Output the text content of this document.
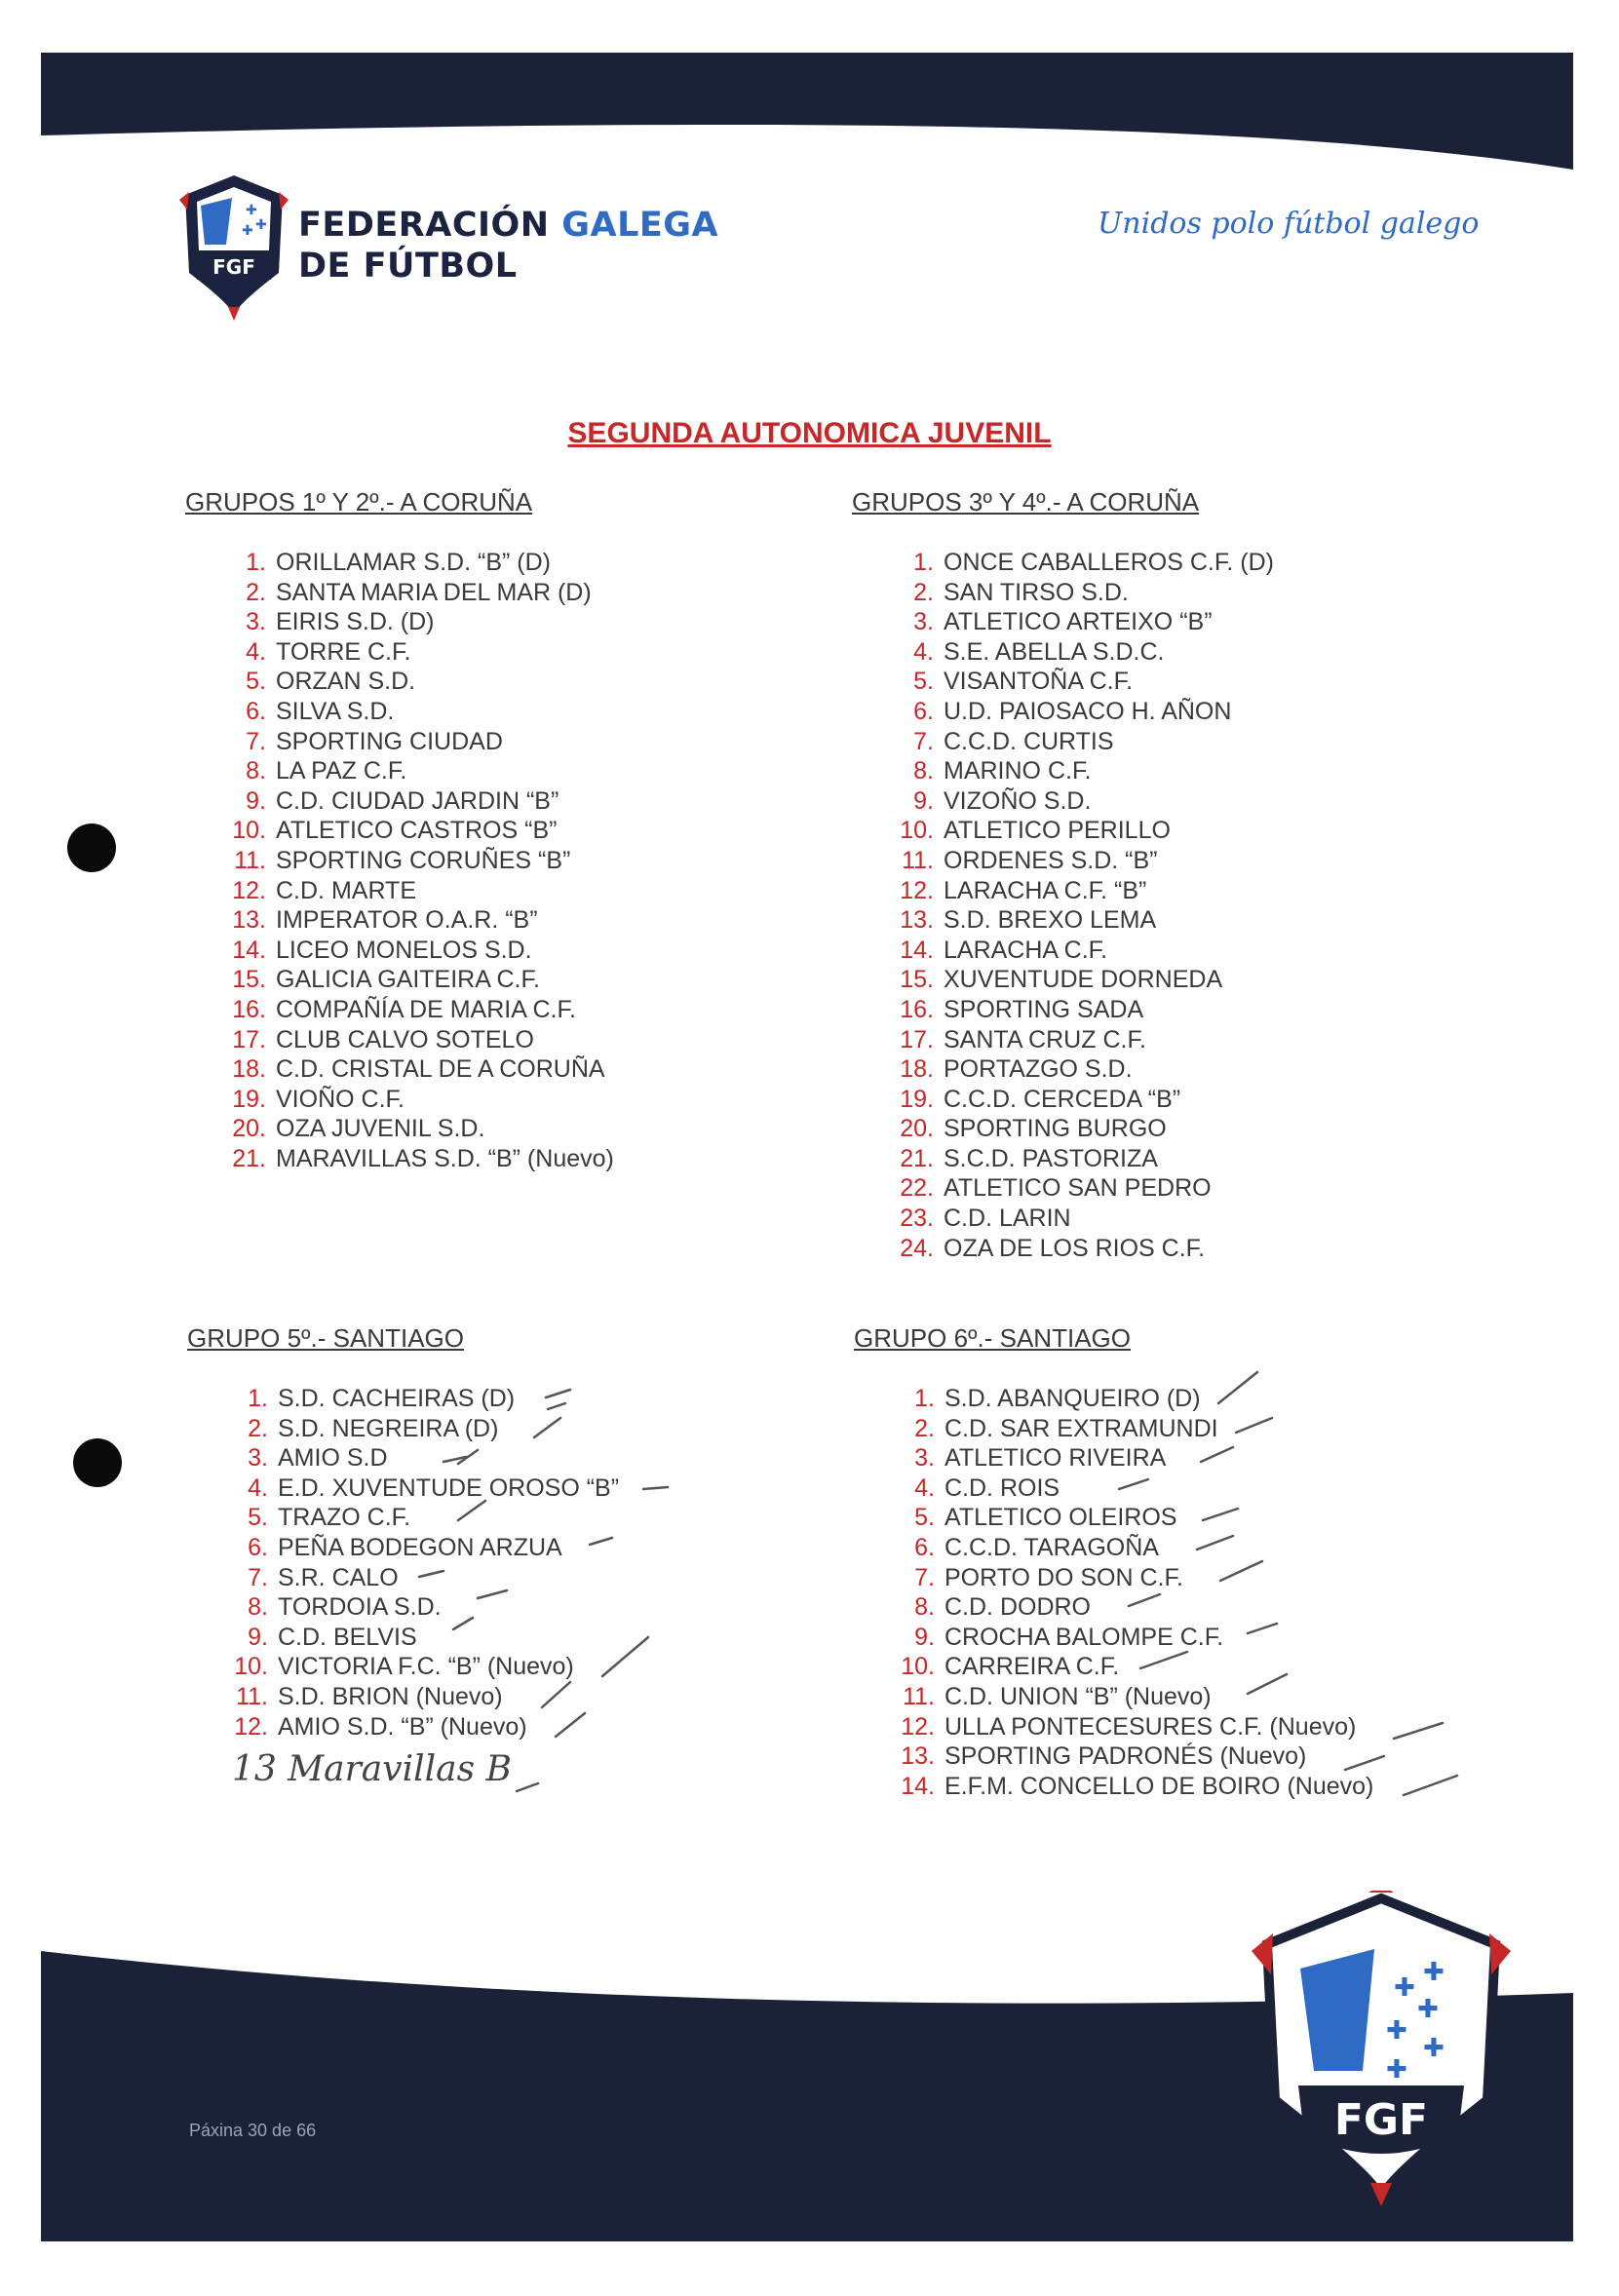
✚
✚
✚
FGF
FEDERACIÓN GALEGA
DE FÚTBOL
Unidos polo fútbol galego
SEGUNDA AUTONOMICA JUVENIL
GRUPOS 1º Y 2º.- A CORUÑA	GRUPOS 3º Y 4º.- A CORUÑA
GRUPO 5º.- SANTIAGO	GRUPO 6º.- SANTIAGO
1. ORILLAMAR S.D. “B” (D)
2. SANTA MARIA DEL MAR (D)
3. EIRIS S.D. (D)
4. TORRE C.F.
5. ORZAN S.D.
6. SILVA S.D.
7. SPORTING CIUDAD
8. LA PAZ C.F.
9. C.D. CIUDAD JARDIN “B”
10. ATLETICO CASTROS “B”
11. SPORTING CORUÑES “B”
12. C.D. MARTE
13. IMPERATOR O.A.R. “B”
14. LICEO MONELOS S.D.
15. GALICIA GAITEIRA C.F.
16. COMPAÑÍA DE MARIA C.F.
17. CLUB CALVO SOTELO
18. C.D. CRISTAL DE A CORUÑA
19. VIOÑO C.F.
20. OZA JUVENIL S.D.
21. MARAVILLAS S.D. “B” (Nuevo)
1. ONCE CABALLEROS C.F. (D)
2. SAN TIRSO S.D.
3. ATLETICO ARTEIXO “B”
4. S.E. ABELLA S.D.C.
5. VISANTOÑA C.F.
6. U.D. PAIOSACO H. AÑON
7. C.C.D. CURTIS
8. MARINO C.F.
9. VIZOÑO S.D.
10. ATLETICO PERILLO
11. ORDENES S.D. “B”
12. LARACHA C.F. “B”
13. S.D. BREXO LEMA
14. LARACHA C.F.
15. XUVENTUDE DORNEDA
16. SPORTING SADA
17. SANTA CRUZ C.F.
18. PORTAZGO S.D.
19. C.C.D. CERCEDA “B”
20. SPORTING BURGO
21. S.C.D. PASTORIZA
22. ATLETICO SAN PEDRO
23. C.D. LARIN
24. OZA DE LOS RIOS C.F.
1. S.D. CACHEIRAS (D)
2. S.D. NEGREIRA (D)
3. AMIO S.D
4. E.D. XUVENTUDE OROSO “B”
5. TRAZO C.F.
6. PEÑA BODEGON ARZUA
7. S.R. CALO
8. TORDOIA S.D.
9. C.D. BELVIS
10. VICTORIA F.C. “B” (Nuevo)
11. S.D. BRION (Nuevo)
12. AMIO S.D. “B” (Nuevo)
1. S.D. ABANQUEIRO (D)
2. C.D. SAR EXTRAMUNDI
3. ATLETICO RIVEIRA
4. C.D. ROIS
5. ATLETICO OLEIROS
6. C.C.D. TARAGOÑA
7. PORTO DO SON C.F.
8. C.D. DODRO
9. CROCHA BALOMPE C.F.
10. CARREIRA C.F.
11. C.D. UNION “B” (Nuevo)
12. ULLA PONTECESURES C.F. (Nuevo)
13. SPORTING PADRONÉS (Nuevo)
14. E.F.M. CONCELLO DE BOIRO (Nuevo)
13 Maravillas B
✚
✚
✚
✚
✚
✚
FGF
Páxina 30 de 66
